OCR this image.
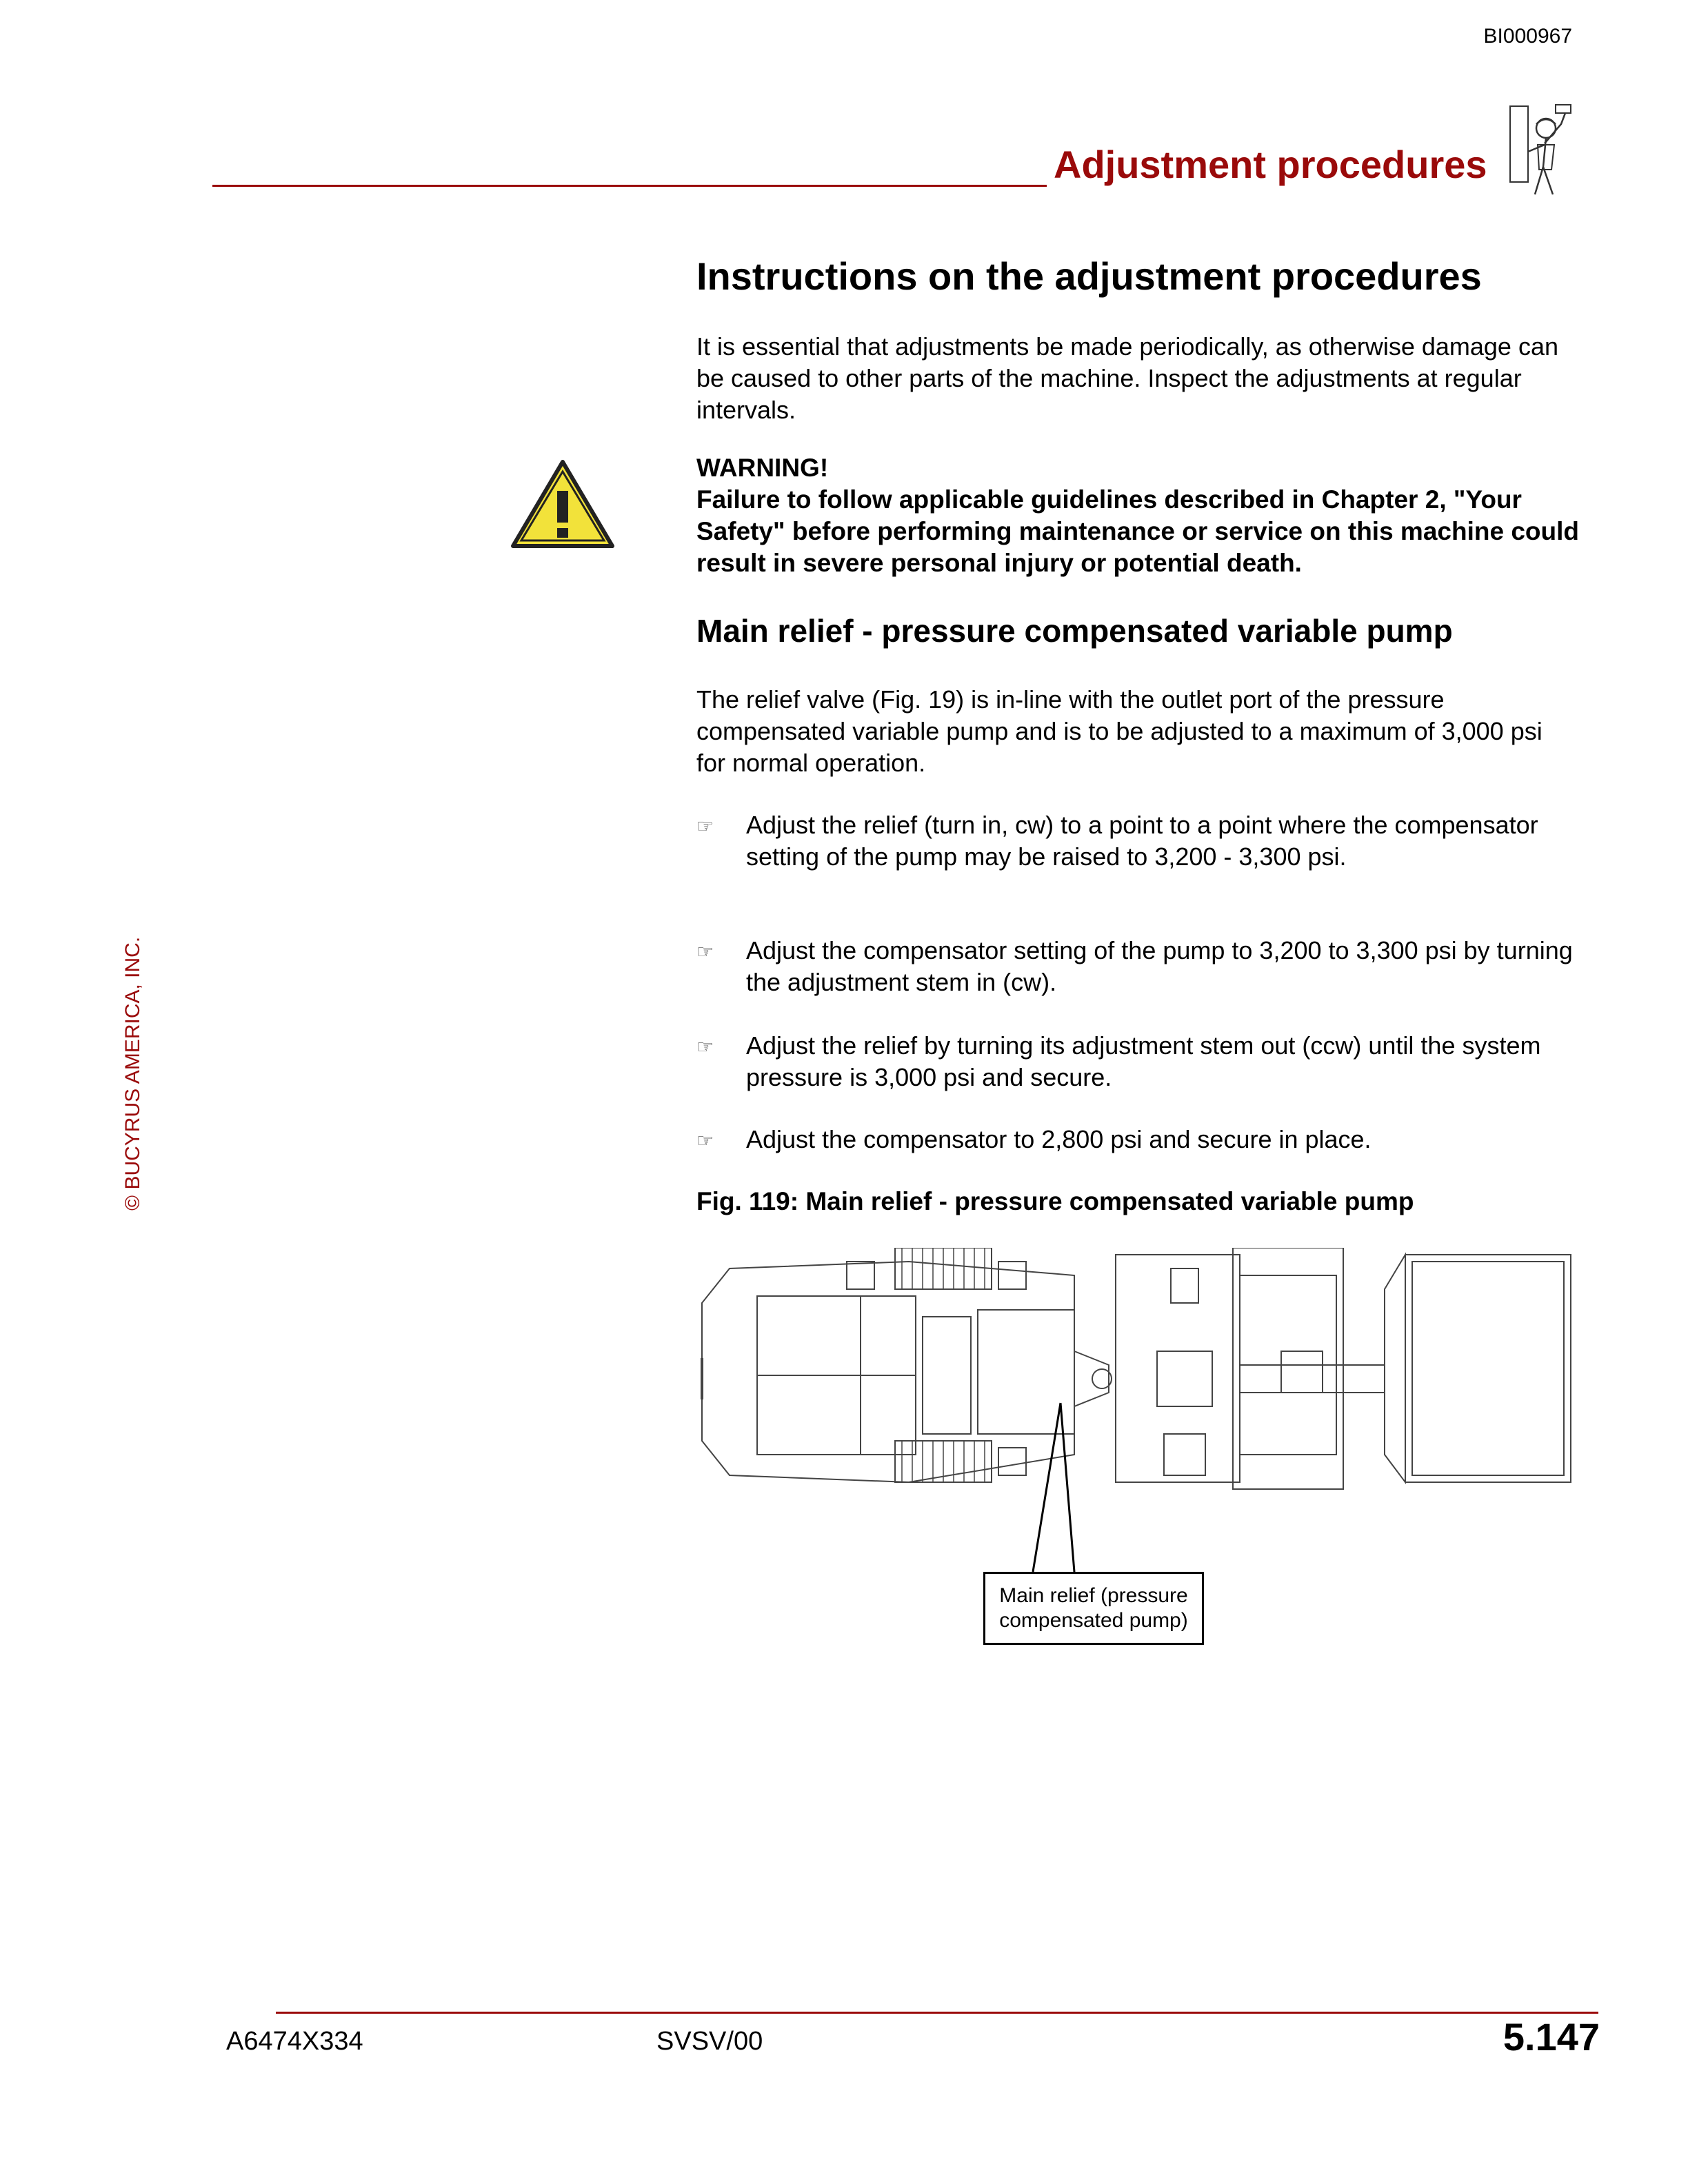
BI000967
Adjustment procedures
Instructions on the adjustment procedures
It is essential that adjustments be made periodically, as otherwise damage can be caused to other parts of the machine. Inspect the adjustments at regular intervals.
WARNING!
Failure to follow applicable guidelines described in Chapter 2, "Your Safety" before performing maintenance or service on this machine could result in severe personal injury or potential death.
Main relief - pressure compensated variable pump
The relief valve (Fig. 19) is in-line with the outlet port of the pressure compensated variable pump and is to be adjusted to a maximum of 3,000 psi for normal operation.
☞	Adjust the relief (turn in, cw) to a point to a point where the compensator setting of the pump may be raised to 3,200 - 3,300 psi.
☞	Adjust the compensator setting of the pump to 3,200 to 3,300 psi by turning the adjustment stem in (cw).
☞	Adjust the relief by turning its adjustment stem out (ccw) until the system pressure is 3,000 psi and secure.
☞	Adjust the compensator to 2,800 psi and secure in place.
Fig. 119: Main relief - pressure compensated variable pump
Main relief (pressure compensated pump)
© BUCYRUS AMERICA, INC.
A6474X334	SVSV/00	5.147
